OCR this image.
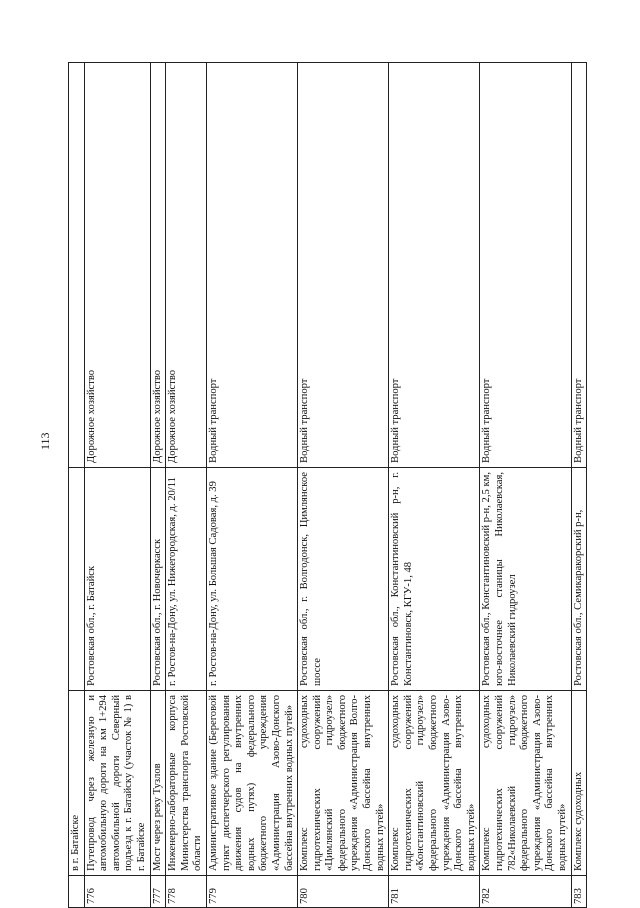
113
	в г. Батайске		
776	Путепровод через железную и автомобильную дороги на км 1+294 автомобильной дороги Северный подъезд к г. Батайску (участок № 1) в г. Батайске	Ростовская обл., г. Батайск	Дорожное хозяйство
777	Мост через реку Тузлов	Ростовская обл., г. Новочеркасск	Дорожное хозяйство
778	Инженерно-лабораторные корпуса Министерства транспорта Ростовской области	г. Ростов-на-Дону, ул. Нижегородская, д. 20/11	Дорожное хозяйство
779	Административное здание (Береговой пункт диспетчерского регулирования движения судов на внутренних водных путях) федерального бюджетного учреждения «Администрация Азово-Донского бассейна внутренних водных путей»	г. Ростов-на-Дону, ул. Большая Садовая, д. 39	Водный транспорт
780	Комплекс судоходных гидротехнических сооружений «Цимлянский гидроузел» федерального бюджетного учреждения «Администрация Волго-Донского бассейна внутренних водных путей»	Ростовская обл., г. Волгодонск, Цимлянское шоссе	Водный транспорт
781	Комплекс судоходных гидротехнических сооружений «Константиновский гидроузел» федерального бюджетного учреждения «Администрация Азово-Донского бассейна внутренних водных путей»	Ростовская обл., Константиновский р-н, г. Константиновск, КГУ-1, 48	Водный транспорт
782	Комплекс судоходных гидротехнических сооружений 782«Николаевский гидроузел» федерального бюджетного учреждения «Администрация Азово-Донского бассейна внутренних водных путей»	Ростовская обл., Константиновский р-н, 2,5 км, юго-восточнее станицы Николаевская, Николаевский гидроузел	Водный транспорт
783	Комплекс судоходных	Ростовская обл., Семикаракорский р-н,	Водный транспорт
